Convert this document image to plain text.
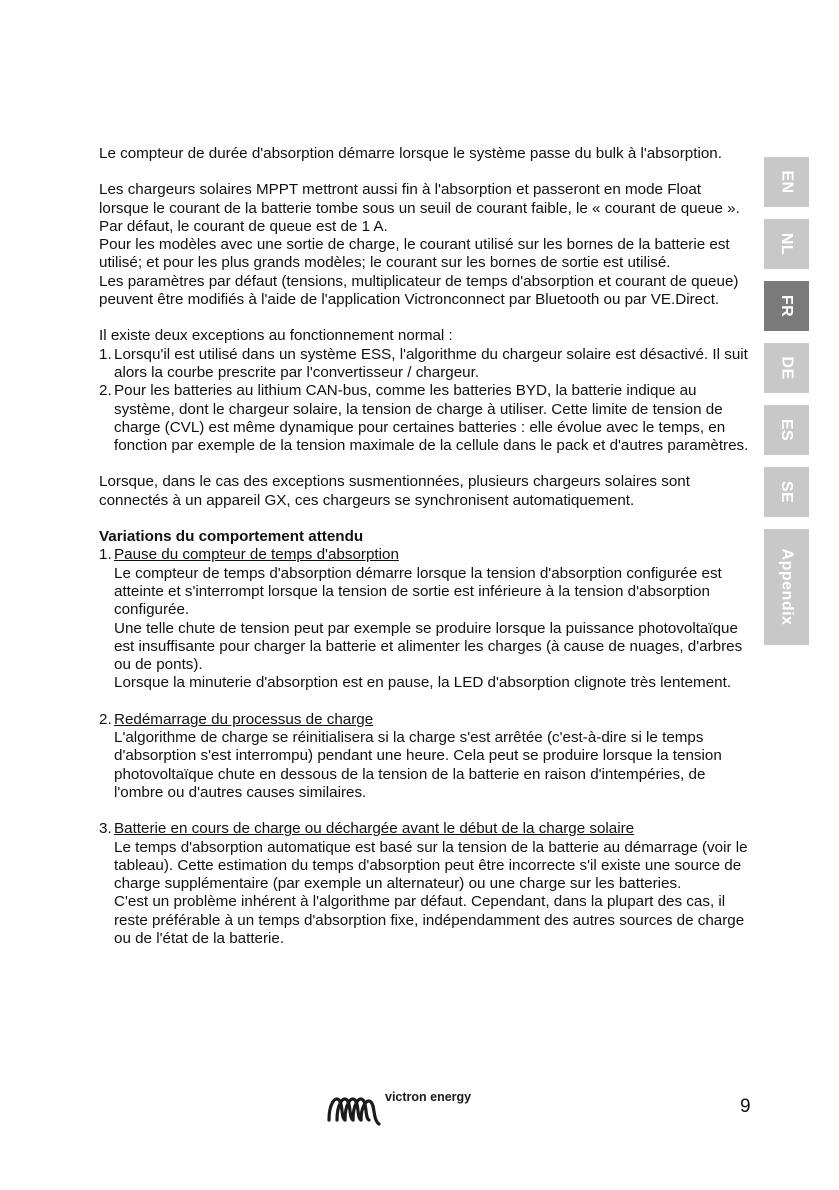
EN
NL
FR
DE
ES
SE
Appendix

Le compteur de durée d'absorption démarre lorsque le système passe du bulk à l'absorption.

Les chargeurs solaires MPPT mettront aussi fin à l'absorption et passeront en mode Float lorsque le courant de la batterie tombe sous un seuil de courant faible, le « courant de queue ».

Par défaut, le courant de queue est de 1 A.

Pour les modèles avec une sortie de charge, le courant utilisé sur les bornes de la batterie est utilisé; et pour les plus grands modèles; le courant sur les bornes de sortie est utilisé.

Les paramètres par défaut (tensions, multiplicateur de temps d'absorption et courant de queue) peuvent être modifiés à l'aide de l'application Victronconnect par Bluetooth ou par VE.Direct.

Il existe deux exceptions au fonctionnement normal :

1. Lorsqu'il est utilisé dans un système ESS, l'algorithme du chargeur solaire est désactivé. Il suit alors la courbe prescrite par l'convertisseur / chargeur.
2. Pour les batteries au lithium CAN-bus, comme les batteries BYD, la batterie indique au système, dont le chargeur solaire, la tension de charge à utiliser. Cette limite de tension de charge (CVL) est même dynamique pour certaines batteries : elle évolue avec le temps, en fonction par exemple de la tension maximale de la cellule dans le pack et d'autres paramètres.

Lorsque, dans le cas des exceptions susmentionnées, plusieurs chargeurs solaires sont connectés à un appareil GX, ces chargeurs se synchronisent automatiquement.

Variations du comportement attendu

1. Pause du compteur de temps d'absorption

Le compteur de temps d'absorption démarre lorsque la tension d'absorption configurée est atteinte et s'interrompt lorsque la tension de sortie est inférieure à la tension d'absorption configurée.

Une telle chute de tension peut par exemple se produire lorsque la puissance photovoltaïque est insuffisante pour charger la batterie et alimenter les charges (à cause de nuages, d'arbres ou de ponts).

Lorsque la minuterie d'absorption est en pause, la LED d'absorption clignote très lentement.

2. Redémarrage du processus de charge

L'algorithme de charge se réinitialisera si la charge s'est arrêtée (c'est-à-dire si le temps d'absorption s'est interrompu) pendant une heure. Cela peut se produire lorsque la tension photovoltaïque chute en dessous de la tension de la batterie en raison d'intempéries, de l'ombre ou d'autres causes similaires.

3. Batterie en cours de charge ou déchargée avant le début de la charge solaire

Le temps d'absorption automatique est basé sur la tension de la batterie au démarrage (voir le tableau). Cette estimation du temps d'absorption peut être incorrecte s'il existe une source de charge supplémentaire (par exemple un alternateur) ou une charge sur les batteries.

C'est un problème inhérent à l'algorithme par défaut. Cependant, dans la plupart des cas, il reste préférable à un temps d'absorption fixe, indépendamment des autres sources de charge ou de l'état de la batterie.

victron energy	9
